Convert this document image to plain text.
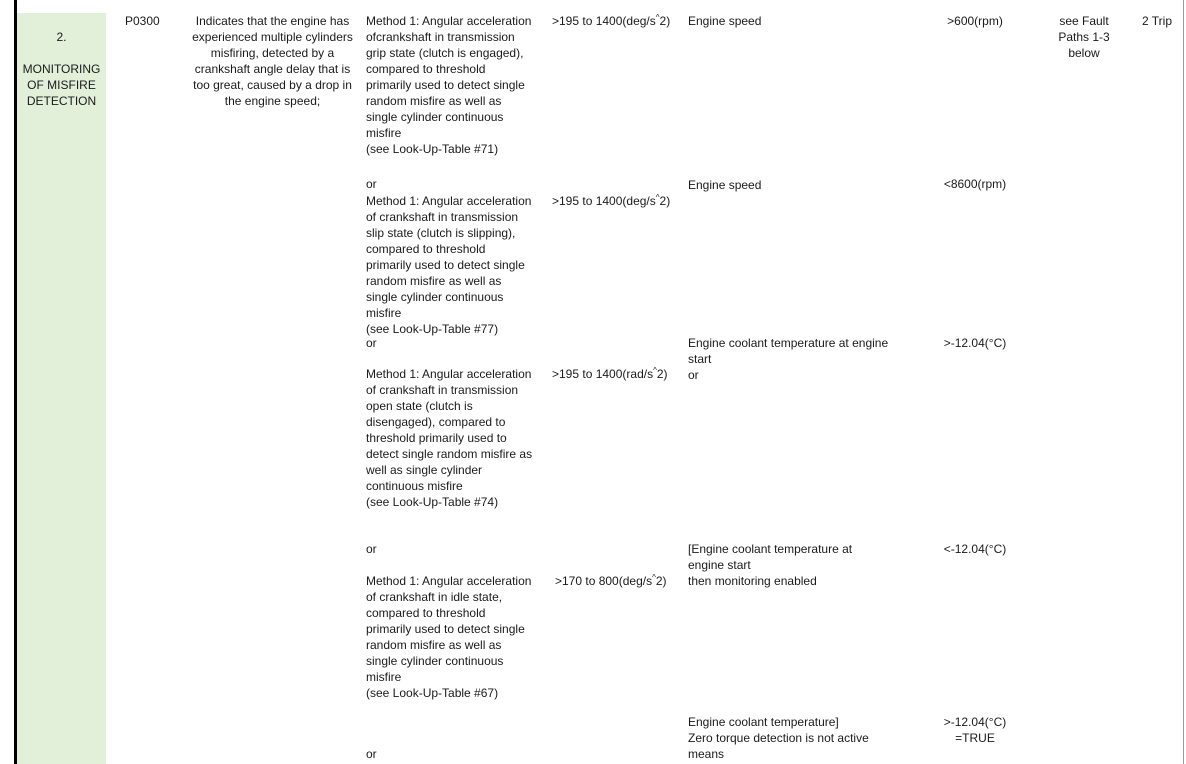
2.

MONITORING
OF MISFIRE
DETECTION

P0300	Indicates that the engine has
experienced multiple cylinders
misfiring, detected by a
crankshaft angle delay that is
too great, caused by a drop in
the engine speed;
Method 1: Angular acceleration
ofcrankshaft in transmission
grip state (clutch is engaged),
compared to threshold
primarily used to detect single
random misfire as well as
single cylinder continuous
misfire
(see Look-Up-Table #71)
or
Method 1: Angular acceleration
of crankshaft in transmission
slip state (clutch is slipping),
compared to threshold
primarily used to detect single
random misfire as well as
single cylinder continuous
misfire
(see Look-Up-Table #77)
or
Method 1: Angular acceleration
of crankshaft in transmission
open state (clutch is
disengaged), compared to
threshold primarily used to
detect single random misfire as
well as single cylinder
continuous misfire
(see Look-Up-Table #74)
or
Method 1: Angular acceleration
of crankshaft in idle state,
compared to threshold
primarily used to detect single
random misfire as well as
single cylinder continuous
misfire
(see Look-Up-Table #67)
or
>195 to 1400(deg/s^2)
>195 to 1400(deg/s^2)
>195 to 1400(rad/s^2)
>170 to 800(deg/s^2)
Engine speed
Engine speed
Engine coolant temperature at engine
start
or
[Engine coolant temperature at
engine start
then monitoring enabled
Engine coolant temperature]
Zero torque detection is not active
means
>600(rpm)
<8600(rpm)
>-12.04(°C)
<-12.04(°C)
>-12.04(°C)
=TRUE
see Fault
Paths 1-3
below
2 Trip
